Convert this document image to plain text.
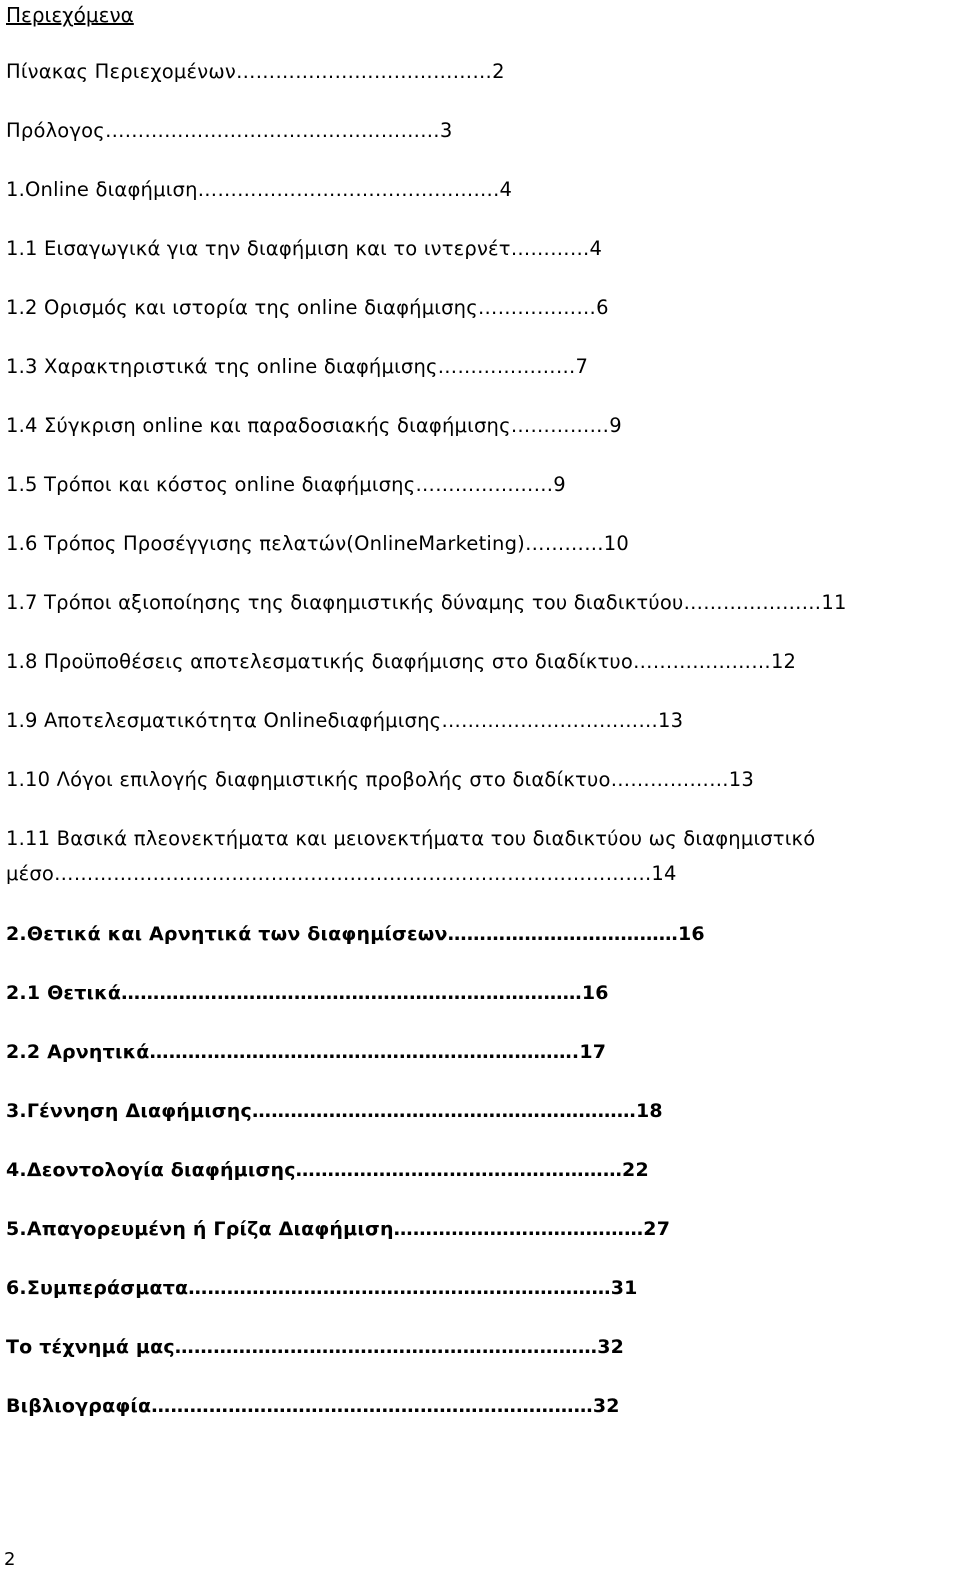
Περιεχόμενα
Πίνακας Περιεχομένων…………………………………2
Πρόλογος……………………………………………3
1.Online διαφήμιση……………………………………….4
1.1 Εισαγωγικά για την διαφήμιση και το ιντερνέτ…………4
1.2 Ορισμός και ιστορία της online διαφήμισης………………6
1.3 Χαρακτηριστικά της online διαφήμισης…………………7
1.4 Σύγκριση online και παραδοσιακής διαφήμισης……………9
1.5 Τρόποι και κόστος online διαφήμισης…………………9
1.6 Τρόπος Προσέγγισης πελατών(OnlineMarketing)…………10
1.7 Τρόποι αξιοποίησης της διαφημιστικής δύναμης του διαδικτύου…………………11
1.8 Προϋποθέσεις αποτελεσματικής διαφήμισης στο διαδίκτυο…………………12
1.9 Αποτελεσματικότητα Onlineδιαφήμισης……………………………13
1.10 Λόγοι επιλογής διαφημιστικής προβολής στο διαδίκτυο………………13
1.11 Βασικά πλεονεκτήματα και μειονεκτήματα του διαδικτύου ως διαφημιστικό
μέσο……………………………………………………………………………….14
2.Θετικά και Αρνητικά των διαφημίσεων………………………………16
2.1 Θετικά………………………………………………………………16
2.2 Αρνητικά………………………………………………………….17
3.Γέννηση Διαφήμισης……………………………………………………18
4.Δεοντολογία διαφήμισης……………………………………………22
5.Απαγορευμένη ή Γρίζα Διαφήμιση…………………………………27
6.Συμπεράσματα…………………………………………………………31
Το τέχνημά μας…………………………………………………………32
Βιβλιογραφία……………………………………………………………32
2
